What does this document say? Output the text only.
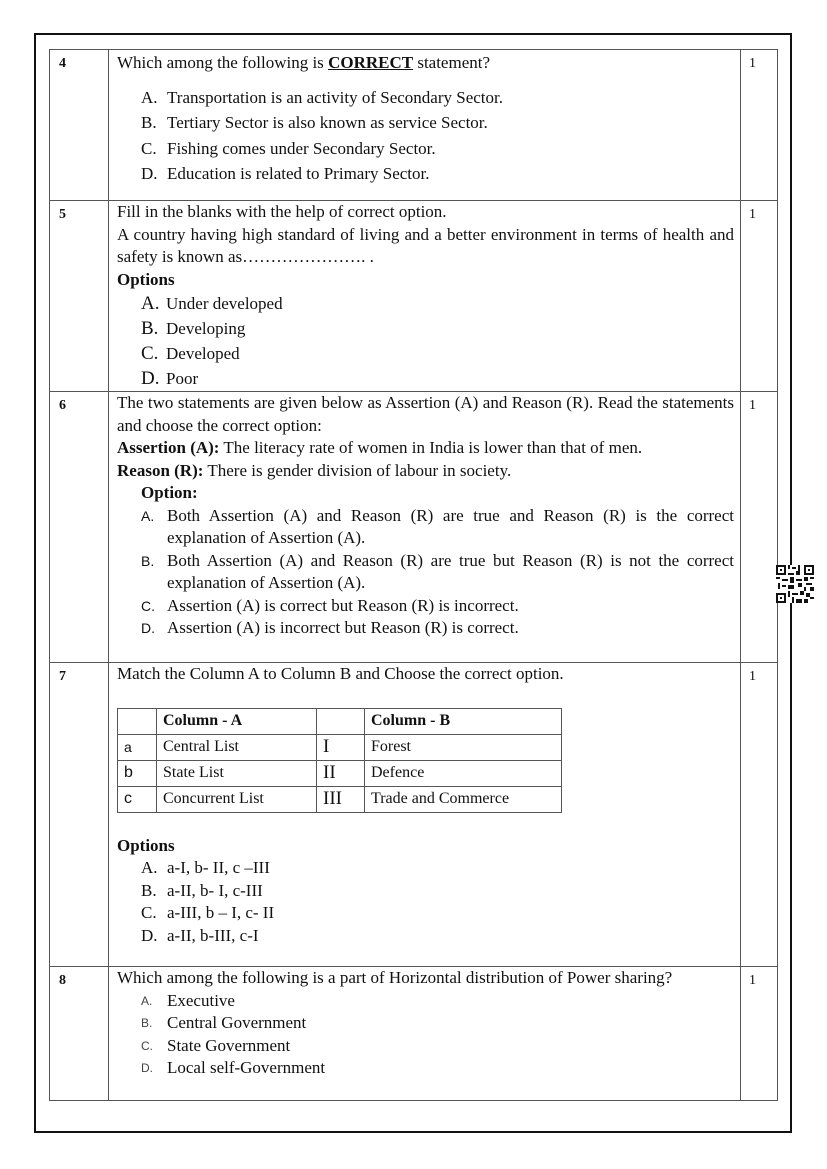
4	Which among the following is CORRECT statement?
A. Transportation is an activity of Secondary Sector.
B. Tertiary Sector is also known as service Sector.
C. Fishing comes under Secondary Sector.
D. Education is related to Primary Sector.
	1
5	Fill in the blanks with the help of correct option.
A country having high standard of living and a better environment in terms of health and safety is known as…………………. .
Options
A. Under developed
B. Developing
C. Developed
D. Poor
	1
6	The two statements are given below as Assertion (A) and Reason (R). Read the statements and choose the correct option:
Assertion (A): The literacy rate of women in India is lower than that of men.
Reason (R): There is gender division of labour in society.
Option:
A. Both Assertion (A) and Reason (R) are true and Reason (R) is the correct explanation of Assertion (A).
B. Both Assertion (A) and Reason (R) are true but Reason (R) is not the correct explanation of Assertion (A).
C. Assertion (A) is correct but Reason (R) is incorrect.
D. Assertion (A) is incorrect but Reason (R) is correct.
	1
7	Match the Column A to Column B and Choose the correct option.
	Column - A		Column - B
a	Central List	I	Forest
b	State List	II	Defence
c	Concurrent List	III	Trade and Commerce
Options
A. a-I, b- II, c –III
B. a-II, b- I, c-III
C. a-III, b – I, c- II
D. a-II, b-III, c-I
	1
8	Which among the following is a part of Horizontal distribution of Power sharing?
A. Executive
B. Central Government
C. State Government
D. Local self-Government
	1
